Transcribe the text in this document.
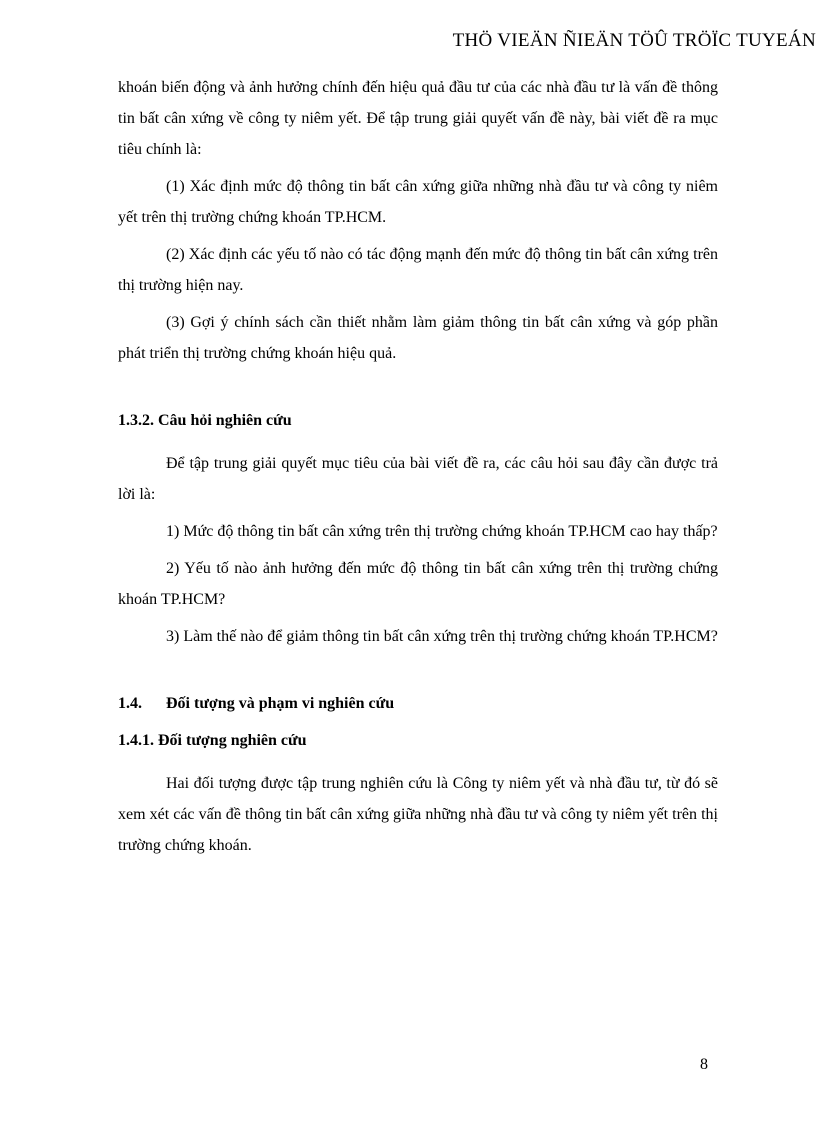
THÖ VIEÄN ÑIEÄN TÖÛ TRÖÏC TUYEÁN

khoán biến động và ảnh hưởng chính đến hiệu quả đầu tư của các nhà đầu tư là vấn đề thông tin bất cân xứng về công ty niêm yết. Để tập trung giải quyết vấn đề này, bài viết đề ra mục tiêu chính là:

(1) Xác định mức độ thông tin bất cân xứng giữa những nhà đầu tư và công ty niêm yết trên thị trường chứng khoán TP.HCM.

(2) Xác định các yếu tố nào có tác động mạnh đến mức độ thông tin bất cân xứng trên thị trường hiện nay.

(3) Gợi ý chính sách cần thiết nhằm làm giảm thông tin bất cân xứng và góp phần phát triển thị trường chứng khoán hiệu quả.

1.3.2. Câu hỏi nghiên cứu

Để tập trung giải quyết mục tiêu của bài viết đề ra, các câu hỏi sau đây cần được trả lời là:

1) Mức độ thông tin bất cân xứng trên thị trường chứng khoán TP.HCM cao hay thấp?

2) Yếu tố nào ảnh hưởng đến mức độ thông tin bất cân xứng trên thị trường chứng khoán TP.HCM?

3) Làm thế nào để giảm thông tin bất cân xứng trên thị trường chứng khoán TP.HCM?

1.4. Đối tượng và phạm vi nghiên cứu

1.4.1. Đối tượng nghiên cứu

Hai đối tượng được tập trung nghiên cứu là Công ty niêm yết và nhà đầu tư, từ đó sẽ xem xét các vấn đề thông tin bất cân xứng giữa những nhà đầu tư và công ty niêm yết trên thị trường chứng khoán.

8
